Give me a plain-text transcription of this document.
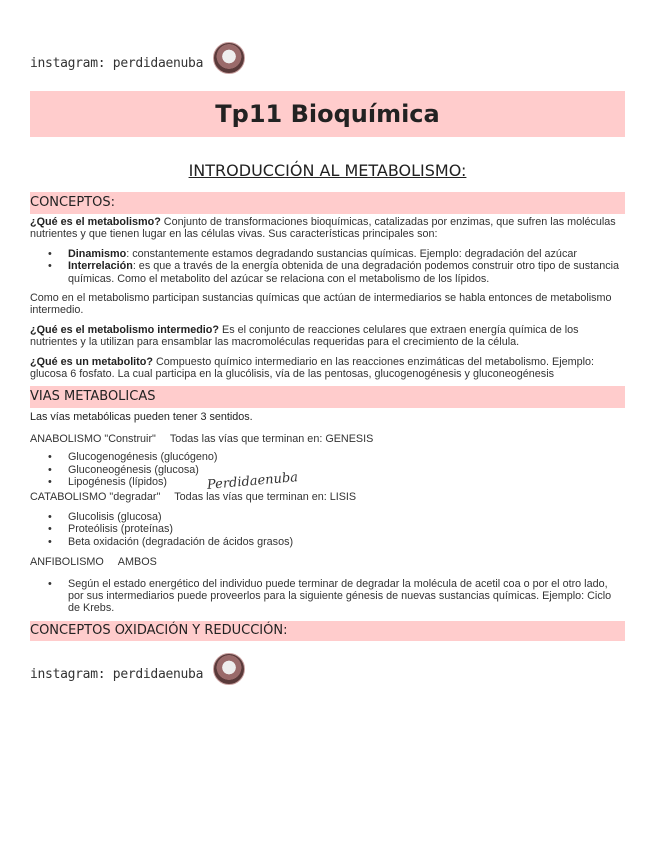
instagram: perdidaenuba
Tp11 Bioquímica
INTRODUCCIÓN AL METABOLISMO:
CONCEPTOS:

¿Qué es el metabolismo? Conjunto de transformaciones bioquímicas, catalizadas por enzimas, que sufren las moléculas nutrientes y que tienen lugar en las células vivas. Sus características principales son:

• Dinamismo: constantemente estamos degradando sustancias químicas. Ejemplo: degradación del azúcar
• Interrelación: es que a través de la energía obtenida de una degradación podemos construir otro tipo de sustancia químicas. Como el metabolito del azúcar se relaciona con el metabolismo de los lípidos.

Como en el metabolismo participan sustancias químicas que actúan de intermediarios se habla entonces de metabolismo intermedio.

¿Qué es el metabolismo intermedio? Es el conjunto de reacciones celulares que extraen energía química de los nutrientes y la utilizan para ensamblar las macromoléculas requeridas para el crecimiento de la célula.

¿Qué es un metabolito? Compuesto químico intermediario en las reacciones enzimáticas del metabolismo. Ejemplo: glucosa 6 fosfato. La cual participa en la glucólisis, vía de las pentosas, glucogenogénesis y gluconeogénesis

VIAS METABOLICAS

Las vías metabólicas pueden tener 3 sentidos.

ANABOLISMO "Construir" Todas las vías que terminan en: GENESIS

• Glucogenogénesis (glucógeno)
• Gluconeogénesis (glucosa)
• Lipogénesis (lípidos)	Perdidaenuba

CATABOLISMO "degradar" Todas las vías que terminan en: LISIS

• Glucolisis (glucosa)
• Proteólisis (proteínas)
• Beta oxidación (degradación de ácidos grasos)

ANFIBOLISMO AMBOS

• Según el estado energético del individuo puede terminar de degradar la molécula de acetil coa o por el otro lado, por sus intermediarios puede proveerlos para la siguiente génesis de nuevas sustancias químicas. Ejemplo: Ciclo de Krebs.
CONCEPTOS OXIDACIÓN Y REDUCCIÓN:
instagram: perdidaenuba
